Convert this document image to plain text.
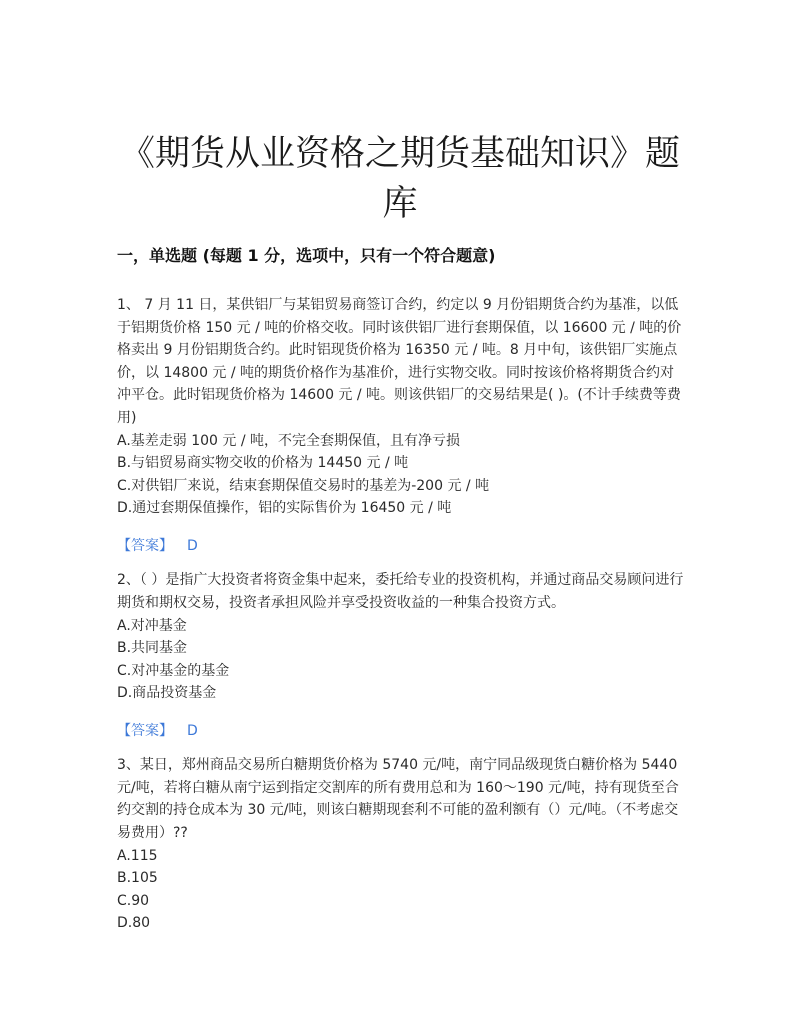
《期货从业资格之期货基础知识》题
库
一，单选题 (每题 1 分，选项中，只有一个符合题意)

1、 7 月 11 日，某供铝厂与某铝贸易商签订合约，约定以 9 月份铝期货合约为基准，以低于铝期货价格 150 元 / 吨的价格交收。同时该供铝厂进行套期保值，以 16600 元 / 吨的价格卖出 9 月份铝期货合约。此时铝现货价格为 16350 元 / 吨。8 月中旬，该供铝厂实施点价，以 14800 元 / 吨的期货价格作为基准价，进行实物交收。同时按该价格将期货合约对冲平仓。此时铝现货价格为 14600 元 / 吨。则该供铝厂的交易结果是( )。(不计手续费等费用)

A.基差走弱 100 元 / 吨，不完全套期保值，且有净亏损
B.与铝贸易商实物交收的价格为 14450 元 / 吨
C.对供铝厂来说，结束套期保值交易时的基差为-200 元 / 吨
D.通过套期保值操作，铝的实际售价为 16450 元 / 吨
【答案】 D

2、（ ）是指广大投资者将资金集中起来，委托给专业的投资机构，并通过商品交易顾问进行期货和期权交易，投资者承担风险并享受投资收益的一种集合投资方式。

A.对冲基金
B.共同基金
C.对冲基金的基金
D.商品投资基金
【答案】 D

3、某日，郑州商品交易所白糖期货价格为 5740 元/吨，南宁同品级现货白糖价格为 5440 元/吨，若将白糖从南宁运到指定交割库的所有费用总和为 160～190 元/吨，持有现货至合约交割的持仓成本为 30 元/吨，则该白糖期现套利不可能的盈利额有（）元/吨。（不考虑交易费用）??

A.115
B.105
C.90
D.80
